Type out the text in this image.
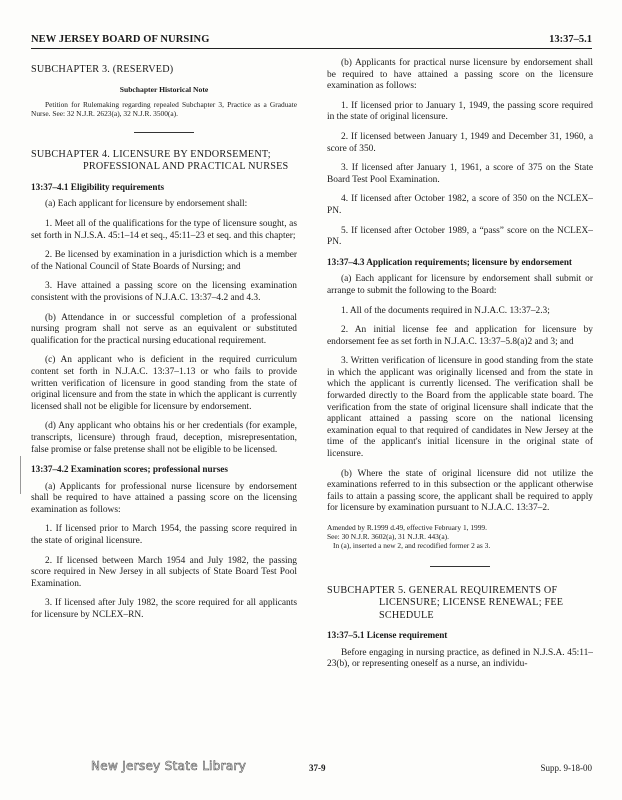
NEW JERSEY BOARD OF NURSING	13:37–5.1

SUBCHAPTER 3. (RESERVED)

Subchapter Historical Note

Petition for Rulemaking regarding repealed Subchapter 3, Practice as a Graduate Nurse. See: 32 N.J.R. 2623(a), 32 N.J.R. 3500(a).

SUBCHAPTER 4. LICENSURE BY ENDORSEMENT; PROFESSIONAL AND PRACTICAL NURSES

13:37–4.1 Eligibility requirements

(a) Each applicant for licensure by endorsement shall:

1. Meet all of the qualifications for the type of licensure sought, as set forth in N.J.S.A. 45:1–14 et seq., 45:11–23 et seq. and this chapter;

2. Be licensed by examination in a jurisdiction which is a member of the National Council of State Boards of Nursing; and

3. Have attained a passing score on the licensing examination consistent with the provisions of N.J.A.C. 13:37–4.2 and 4.3.

(b) Attendance in or successful completion of a professional nursing program shall not serve as an equivalent or substituted qualification for the practical nursing educational requirement.

(c) An applicant who is deficient in the required curriculum content set forth in N.J.A.C. 13:37–1.13 or who fails to provide written verification of licensure in good standing from the state of original licensure and from the state in which the applicant is currently licensed shall not be eligible for licensure by endorsement.

(d) Any applicant who obtains his or her credentials (for example, transcripts, licensure) through fraud, deception, misrepresentation, false promise or false pretense shall not be eligible to be licensed.

13:37–4.2 Examination scores; professional nurses

(a) Applicants for professional nurse licensure by endorsement shall be required to have attained a passing score on the licensing examination as follows:

1. If licensed prior to March 1954, the passing score required in the state of original licensure.

2. If licensed between March 1954 and July 1982, the passing score required in New Jersey in all subjects of State Board Test Pool Examination.

3. If licensed after July 1982, the score required for all applicants for licensure by NCLEX–RN.

(b) Applicants for practical nurse licensure by endorsement shall be required to have attained a passing score on the licensure examination as follows:

1. If licensed prior to January 1, 1949, the passing score required in the state of original licensure.

2. If licensed between January 1, 1949 and December 31, 1960, a score of 350.

3. If licensed after January 1, 1961, a score of 375 on the State Board Test Pool Examination.

4. If licensed after October 1982, a score of 350 on the NCLEX–PN.

5. If licensed after October 1989, a “pass” score on the NCLEX–PN.

13:37–4.3 Application requirements; licensure by endorsement

(a) Each applicant for licensure by endorsement shall submit or arrange to submit the following to the Board:

1. All of the documents required in N.J.A.C. 13:37–2.3;

2. An initial license fee and application for licensure by endorsement fee as set forth in N.J.A.C. 13:37–5.8(a)2 and 3; and

3. Written verification of licensure in good standing from the state in which the applicant was originally licensed and from the state in which the applicant is currently licensed. The verification shall be forwarded directly to the Board from the applicable state board. The verification from the state of original licensure shall indicate that the applicant attained a passing score on the national licensing examination equal to that required of candidates in New Jersey at the time of the applicant's initial licensure in the original state of licensure.

(b) Where the state of original licensure did not utilize the examinations referred to in this subsection or the applicant otherwise fails to attain a passing score, the applicant shall be required to apply for licensure by examination pursuant to N.J.A.C. 13:37–2.

Amended by R.1999 d.49, effective February 1, 1999.
See: 30 N.J.R. 3602(a), 31 N.J.R. 443(a).
In (a), inserted a new 2, and recodified former 2 as 3.

SUBCHAPTER 5. GENERAL REQUIREMENTS OF LICENSURE; LICENSE RENEWAL; FEE SCHEDULE

13:37–5.1 License requirement

Before engaging in nursing practice, as defined in N.J.S.A. 45:11–23(b), or representing oneself as a nurse, an individu-

New Jersey State Library	37-9	Supp. 9-18-00
